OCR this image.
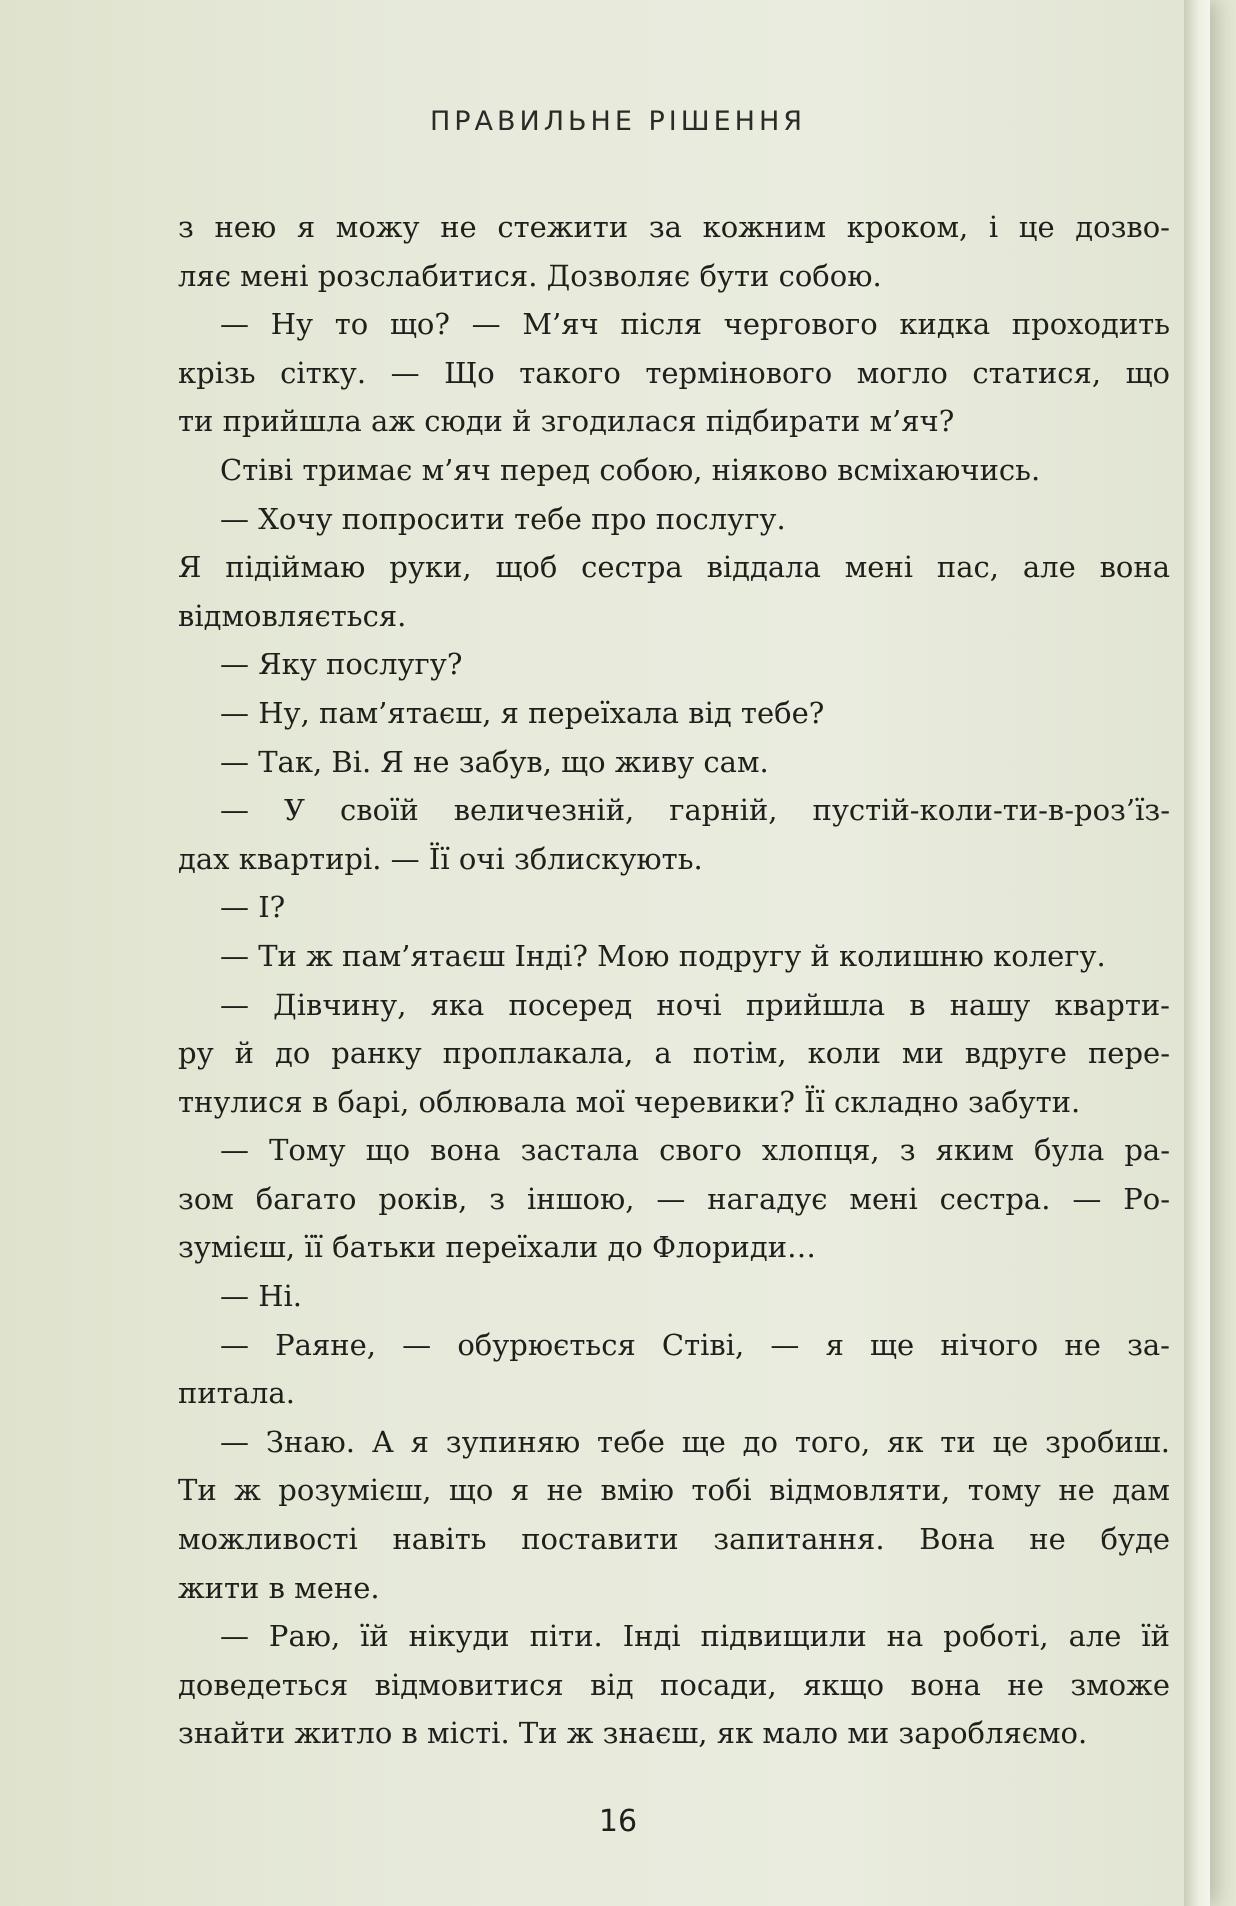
ПРАВИЛЬНЕ РІШЕННЯ
з нею я можу не стежити за кожним кроком, і це дозво-
ляє мені розслабитися. Дозволяє бути собою.
— Ну то що? — М’яч після чергового кидка проходить
крізь сітку. — Що такого термінового могло статися, що
ти прийшла аж сюди й згодилася підбирати м’яч?
Стіві тримає м’яч перед собою, ніяково всміхаючись.
— Хочу попросити тебе про послугу.
Я підіймаю руки, щоб сестра віддала мені пас, але вона
відмовляється.
— Яку послугу?
— Ну, пам’ятаєш, я переїхала від тебе?
— Так, Ві. Я не забув, що живу сам.
— У своїй величезній, гарній, пустій-коли-ти-в-роз’їз-
дах квартирі. — Її очі зблискують.
— І?
— Ти ж пам’ятаєш Інді? Мою подругу й колишню колегу.
— Дівчину, яка посеред ночі прийшла в нашу кварти-
ру й до ранку проплакала, а потім, коли ми вдруге пере-
тнулися в барі, облювала мої черевики? Її складно забути.
— Тому що вона застала свого хлопця, з яким була ра-
зом багато років, з іншою, — нагадує мені сестра. — Ро-
зумієш, її батьки переїхали до Флориди…
— Ні.
— Раяне, — обурюється Стіві, — я ще нічого не за-
питала.
— Знаю. А я зупиняю тебе ще до того, як ти це зробиш.
Ти ж розумієш, що я не вмію тобі відмовляти, тому не дам
можливості навіть поставити запитання. Вона не буде
жити в мене.
— Раю, їй нікуди піти. Інді підвищили на роботі, але їй
доведеться відмовитися від посади, якщо вона не зможе
знайти житло в місті. Ти ж знаєш, як мало ми заробляємо.
16
